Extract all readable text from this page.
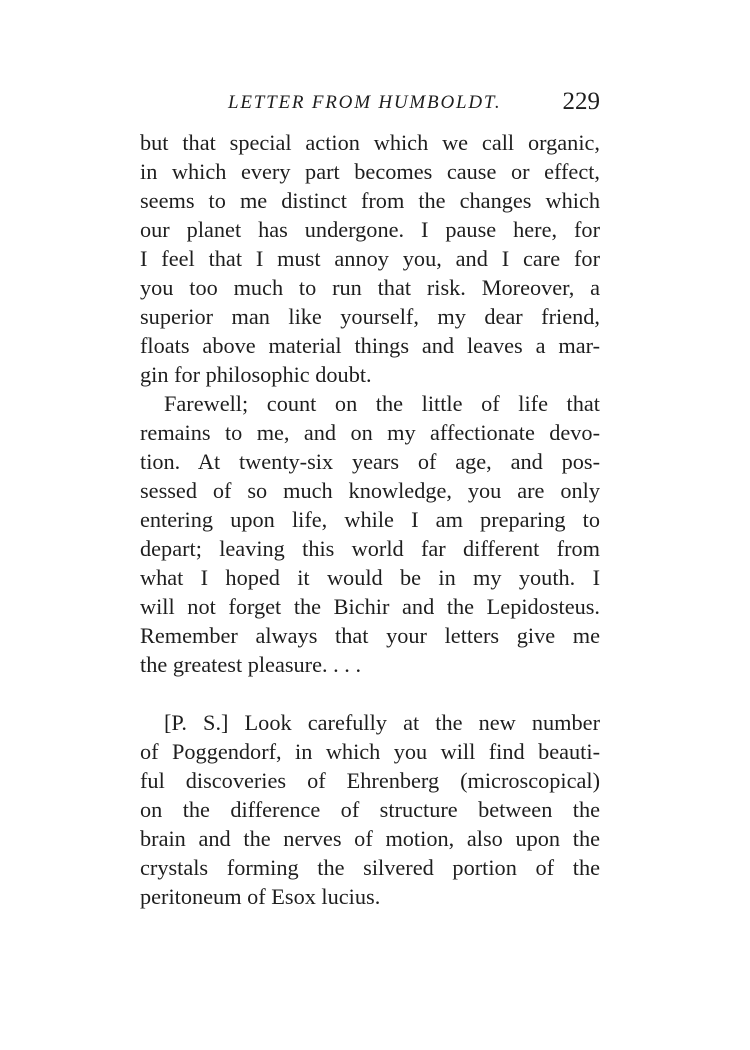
LETTER FROM HUMBOLDT. 229
but that special action which we call organic,
in which every part becomes cause or effect,
seems to me distinct from the changes which
our planet has undergone. I pause here, for
I feel that I must annoy you, and I care for
you too much to run that risk. Moreover, a
superior man like yourself, my dear friend,
floats above material things and leaves a mar-
gin for philosophic doubt.
Farewell; count on the little of life that
remains to me, and on my affectionate devo-
tion. At twenty-six years of age, and pos-
sessed of so much knowledge, you are only
entering upon life, while I am preparing to
depart; leaving this world far different from
what I hoped it would be in my youth. I
will not forget the Bichir and the Lepidosteus.
Remember always that your letters give me
the greatest pleasure. . . .
[P. S.] Look carefully at the new number
of Poggendorf, in which you will find beauti-
ful discoveries of Ehrenberg (microscopical)
on the difference of structure between the
brain and the nerves of motion, also upon the
crystals forming the silvered portion of the
peritoneum of Esox lucius.
